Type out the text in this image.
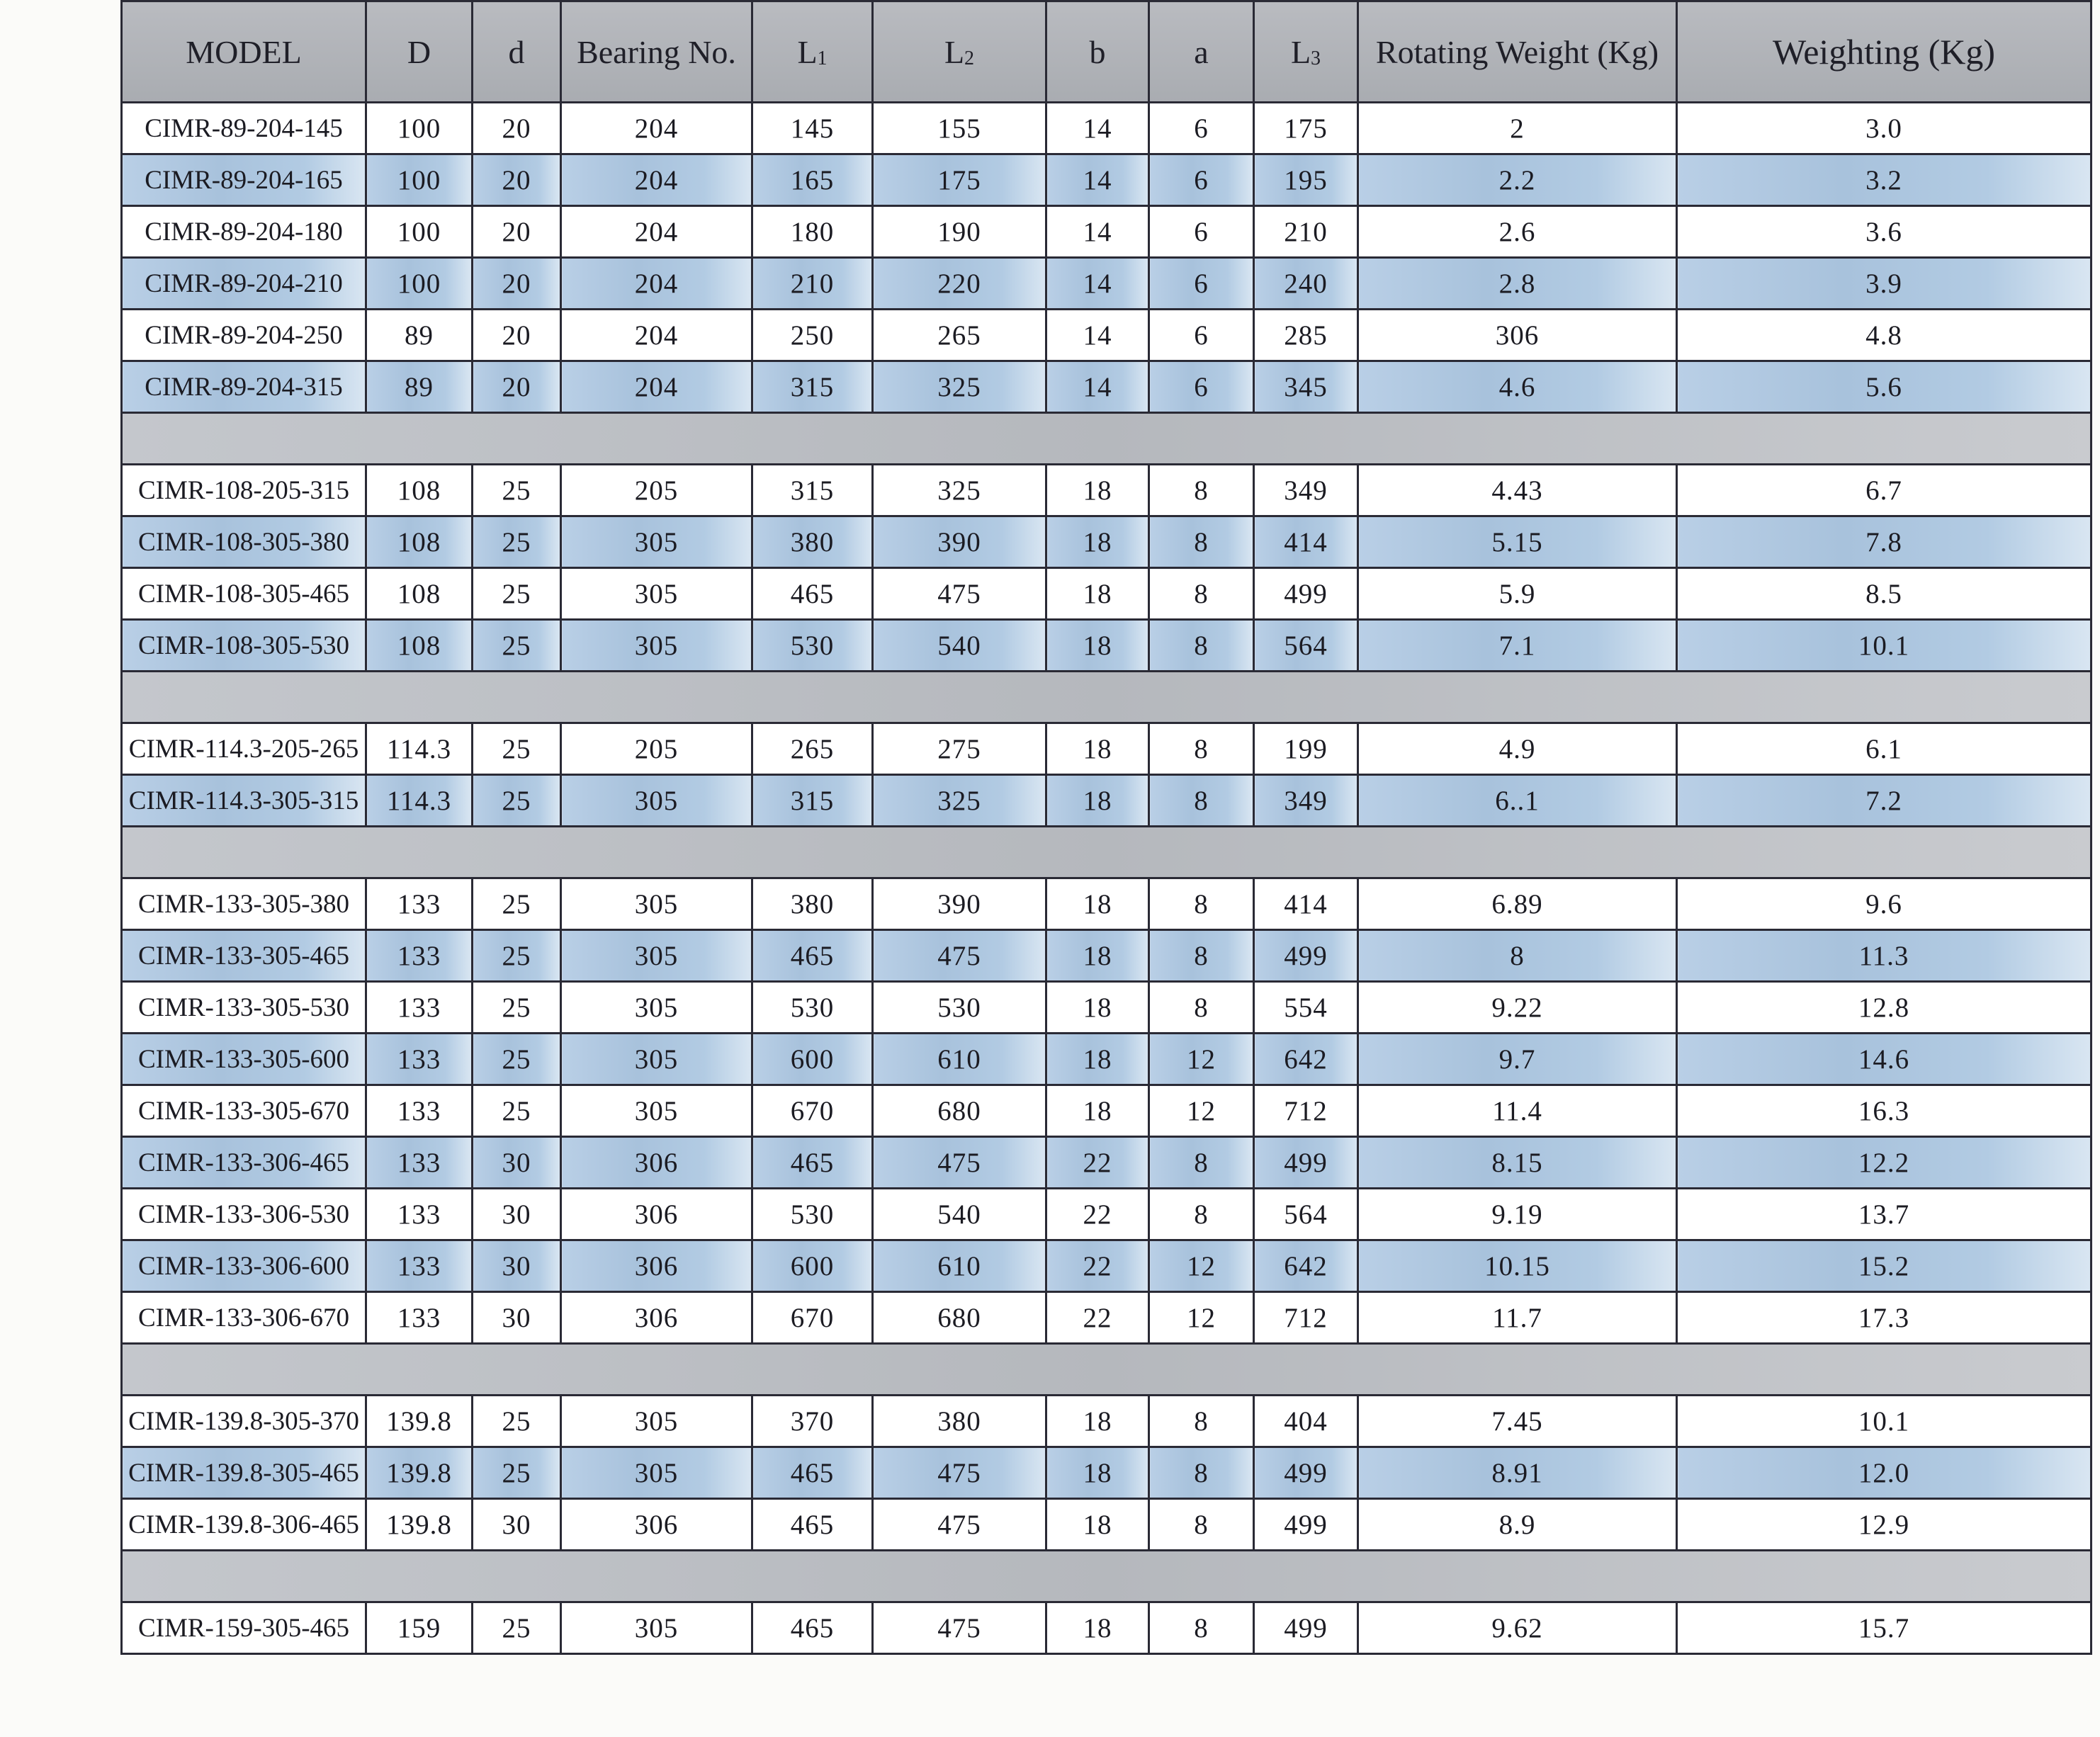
MODEL	D	d	Bearing No.	L1	L2	b	a	L3	Rotating Weight (Kg)	Weighting (Kg)
CIMR-89-204-145	100	20	204	145	155	14	6	175	2	3.0
CIMR-89-204-165	100	20	204	165	175	14	6	195	2.2	3.2
CIMR-89-204-180	100	20	204	180	190	14	6	210	2.6	3.6
CIMR-89-204-210	100	20	204	210	220	14	6	240	2.8	3.9
CIMR-89-204-250	89	20	204	250	265	14	6	285	306	4.8
CIMR-89-204-315	89	20	204	315	325	14	6	345	4.6	5.6

CIMR-108-205-315	108	25	205	315	325	18	8	349	4.43	6.7
CIMR-108-305-380	108	25	305	380	390	18	8	414	5.15	7.8
CIMR-108-305-465	108	25	305	465	475	18	8	499	5.9	8.5
CIMR-108-305-530	108	25	305	530	540	18	8	564	7.1	10.1

CIMR-114.3-205-265	114.3	25	205	265	275	18	8	199	4.9	6.1
CIMR-114.3-305-315	114.3	25	305	315	325	18	8	349	6..1	7.2

CIMR-133-305-380	133	25	305	380	390	18	8	414	6.89	9.6
CIMR-133-305-465	133	25	305	465	475	18	8	499	8	11.3
CIMR-133-305-530	133	25	305	530	530	18	8	554	9.22	12.8
CIMR-133-305-600	133	25	305	600	610	18	12	642	9.7	14.6
CIMR-133-305-670	133	25	305	670	680	18	12	712	11.4	16.3
CIMR-133-306-465	133	30	306	465	475	22	8	499	8.15	12.2
CIMR-133-306-530	133	30	306	530	540	22	8	564	9.19	13.7
CIMR-133-306-600	133	30	306	600	610	22	12	642	10.15	15.2
CIMR-133-306-670	133	30	306	670	680	22	12	712	11.7	17.3

CIMR-139.8-305-370	139.8	25	305	370	380	18	8	404	7.45	10.1
CIMR-139.8-305-465	139.8	25	305	465	475	18	8	499	8.91	12.0
CIMR-139.8-306-465	139.8	30	306	465	475	18	8	499	8.9	12.9

CIMR-159-305-465	159	25	305	465	475	18	8	499	9.62	15.7
